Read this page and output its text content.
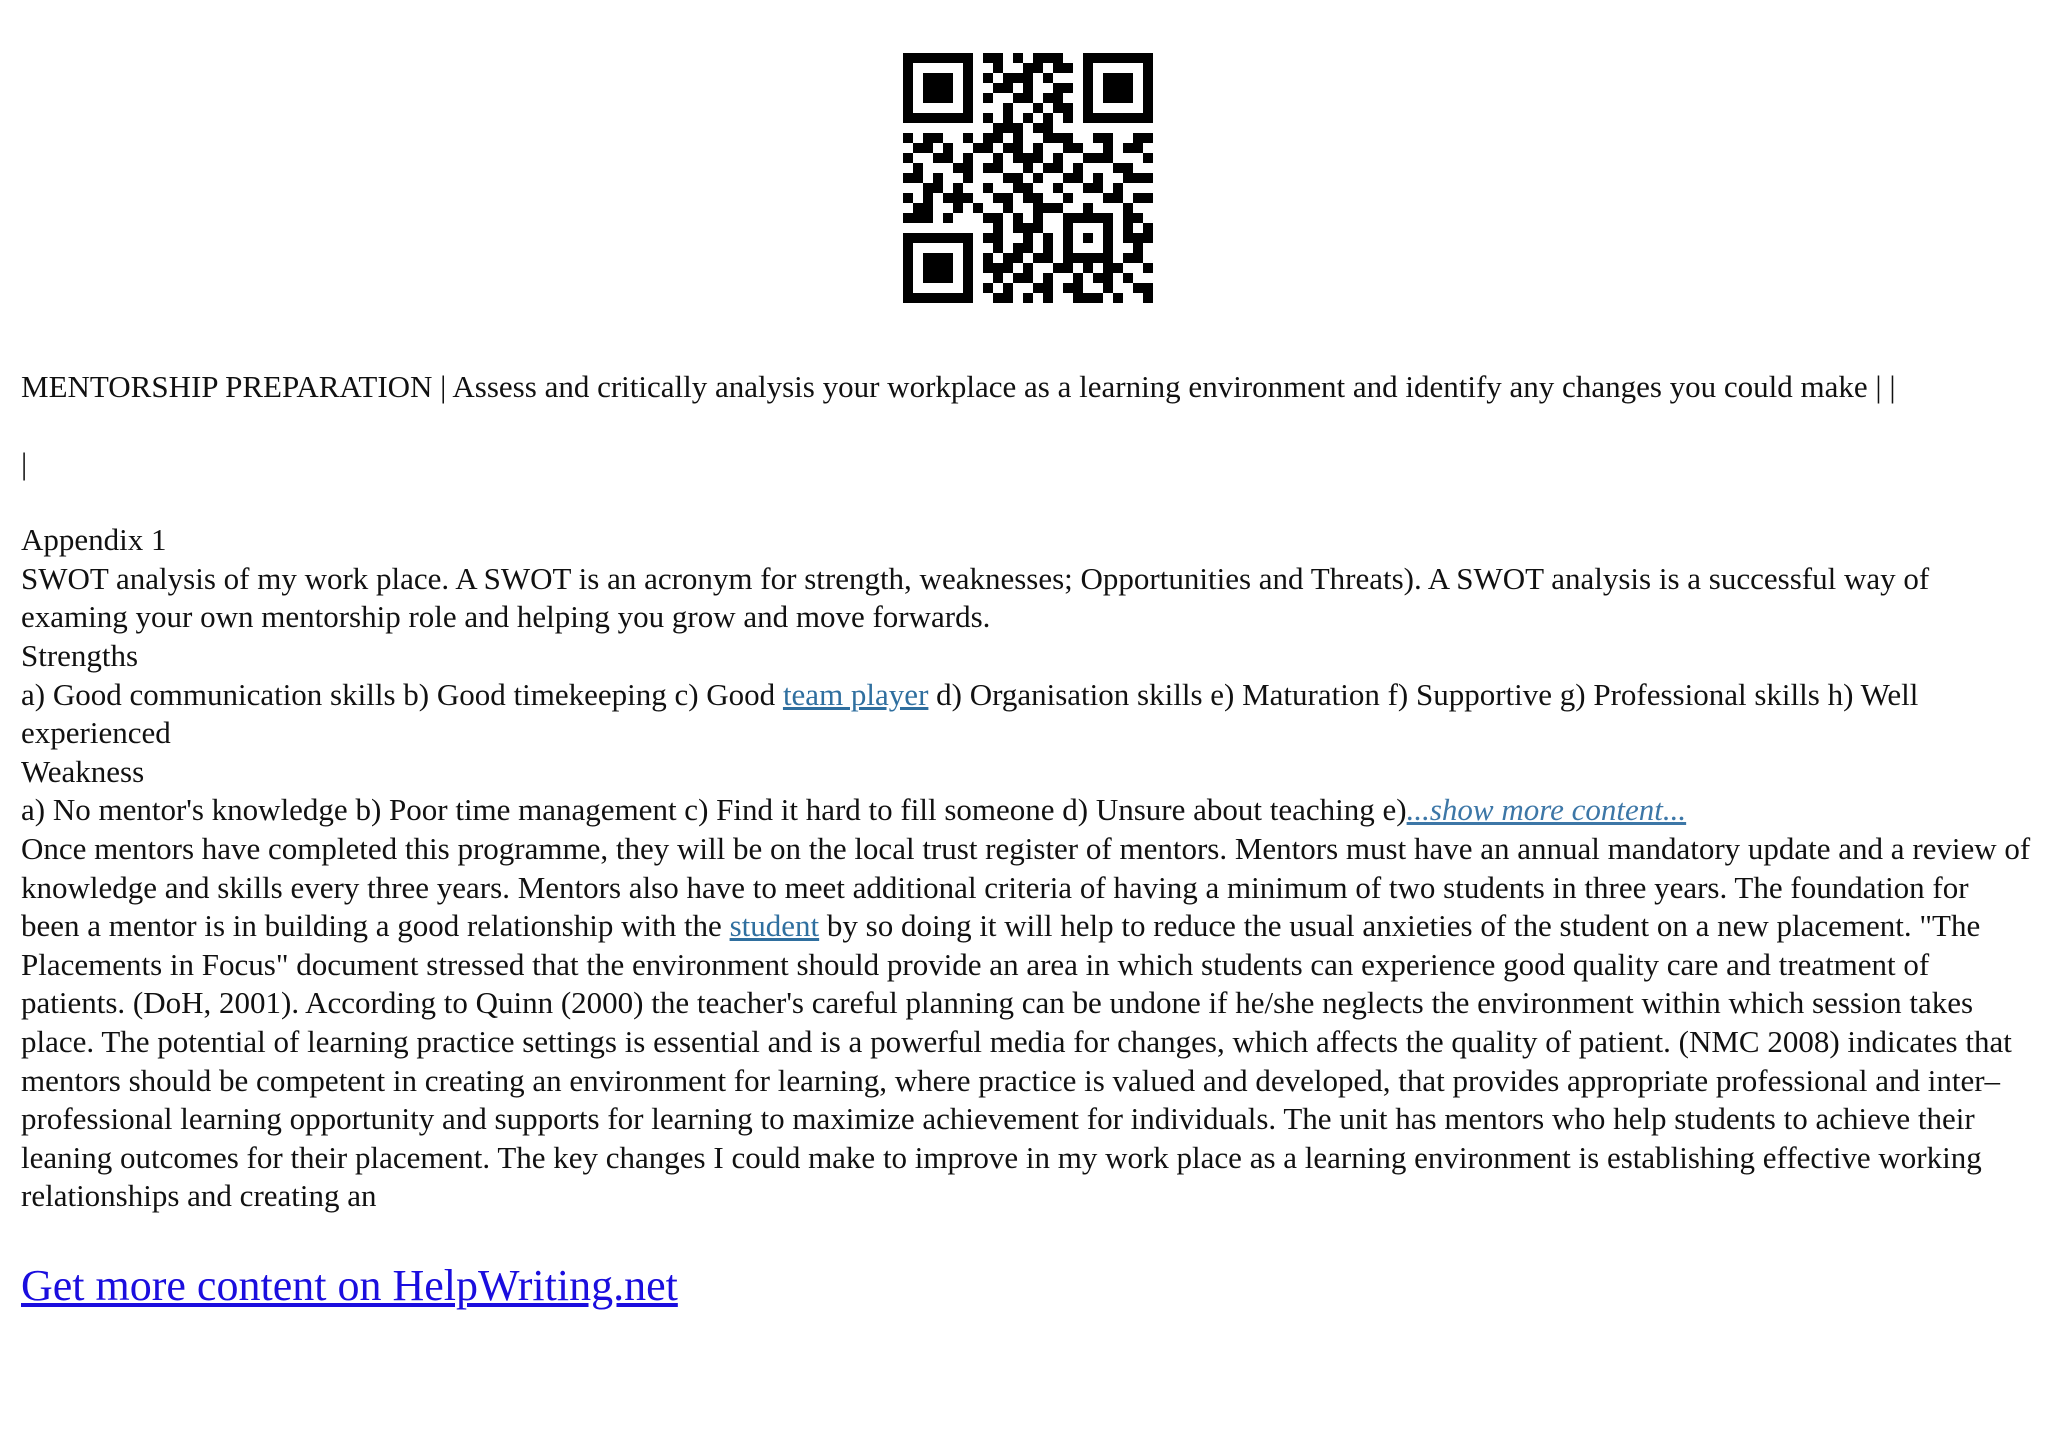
MENTORSHIP PREPARATION | Assess and critically analysis your workplace as a learning environment and identify any changes you could make | |

|

Appendix 1

SWOT analysis of my work place. A SWOT is an acronym for strength, weaknesses; Opportunities and Threats). A SWOT analysis is a successful way of examing your own mentorship role and helping you grow and move forwards.

Strengths

a) Good communication skills b) Good timekeeping c) Good team player d) Organisation skills e) Maturation f) Supportive g) Professional skills h) Well experienced

Weakness

a) No mentor's knowledge b) Poor time management c) Find it hard to fill someone d) Unsure about teaching e)...show more content...

Once mentors have completed this programme, they will be on the local trust register of mentors. Mentors must have an annual mandatory update and a review of knowledge and skills every three years. Mentors also have to meet additional criteria of having a minimum of two students in three years. The foundation for been a mentor is in building a good relationship with the student by so doing it will help to reduce the usual anxieties of the student on a new placement. "The Placements in Focus" document stressed that the environment should provide an area in which students can experience good quality care and treatment of patients. (DoH, 2001). According to Quinn (2000) the teacher's careful planning can be undone if he/she neglects the environment within which session takes place. The potential of learning practice settings is essential and is a powerful media for changes, which affects the quality of patient. (NMC 2008) indicates that mentors should be competent in creating an environment for learning, where practice is valued and developed, that provides appropriate professional and inter–professional learning opportunity and supports for learning to maximize achievement for individuals. The unit has mentors who help students to achieve their leaning outcomes for their placement. The key changes I could make to improve in my work place as a learning environment is establishing effective working relationships and creating an

Get more content on HelpWriting.net
